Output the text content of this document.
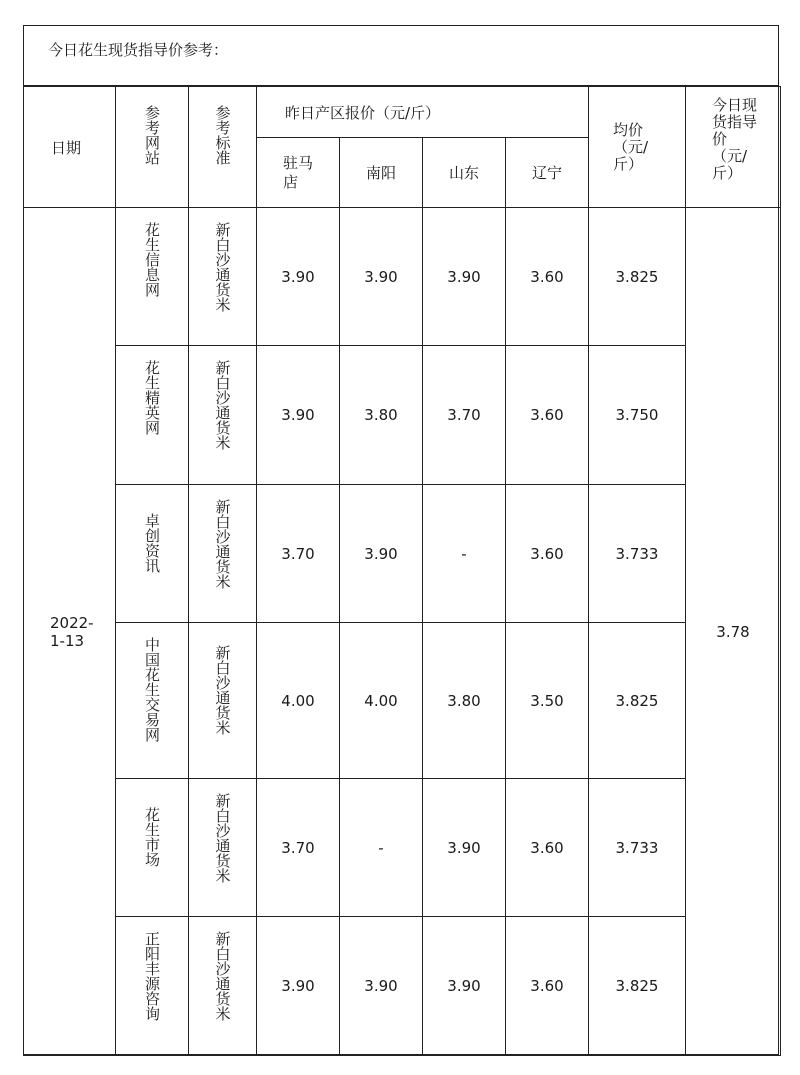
今日花生现货指导价参考：
日期	参考网站	参考标准	昨日产区报价（元/斤）				均价（元/斤）	今日现货指导价（元/斤）

			驻马店	南阳	山东	辽宁		

2022-1-13	花生信息网	新白沙通货米	3.90	3.90	3.90	3.60	3.825	3.78

	花生精英网	新白沙通货米	3.90	3.80	3.70	3.60	3.750	

	卓创资讯	新白沙通货米	3.70	3.90	-	3.60	3.733	

	中国花生交易网	新白沙通货米	4.00	4.00	3.80	3.50	3.825	

	花生市场	新白沙通货米	3.70	-	3.90	3.60	3.733	

	正阳丰源咨询	新白沙通货米	3.90	3.90	3.90	3.60	3.825	
